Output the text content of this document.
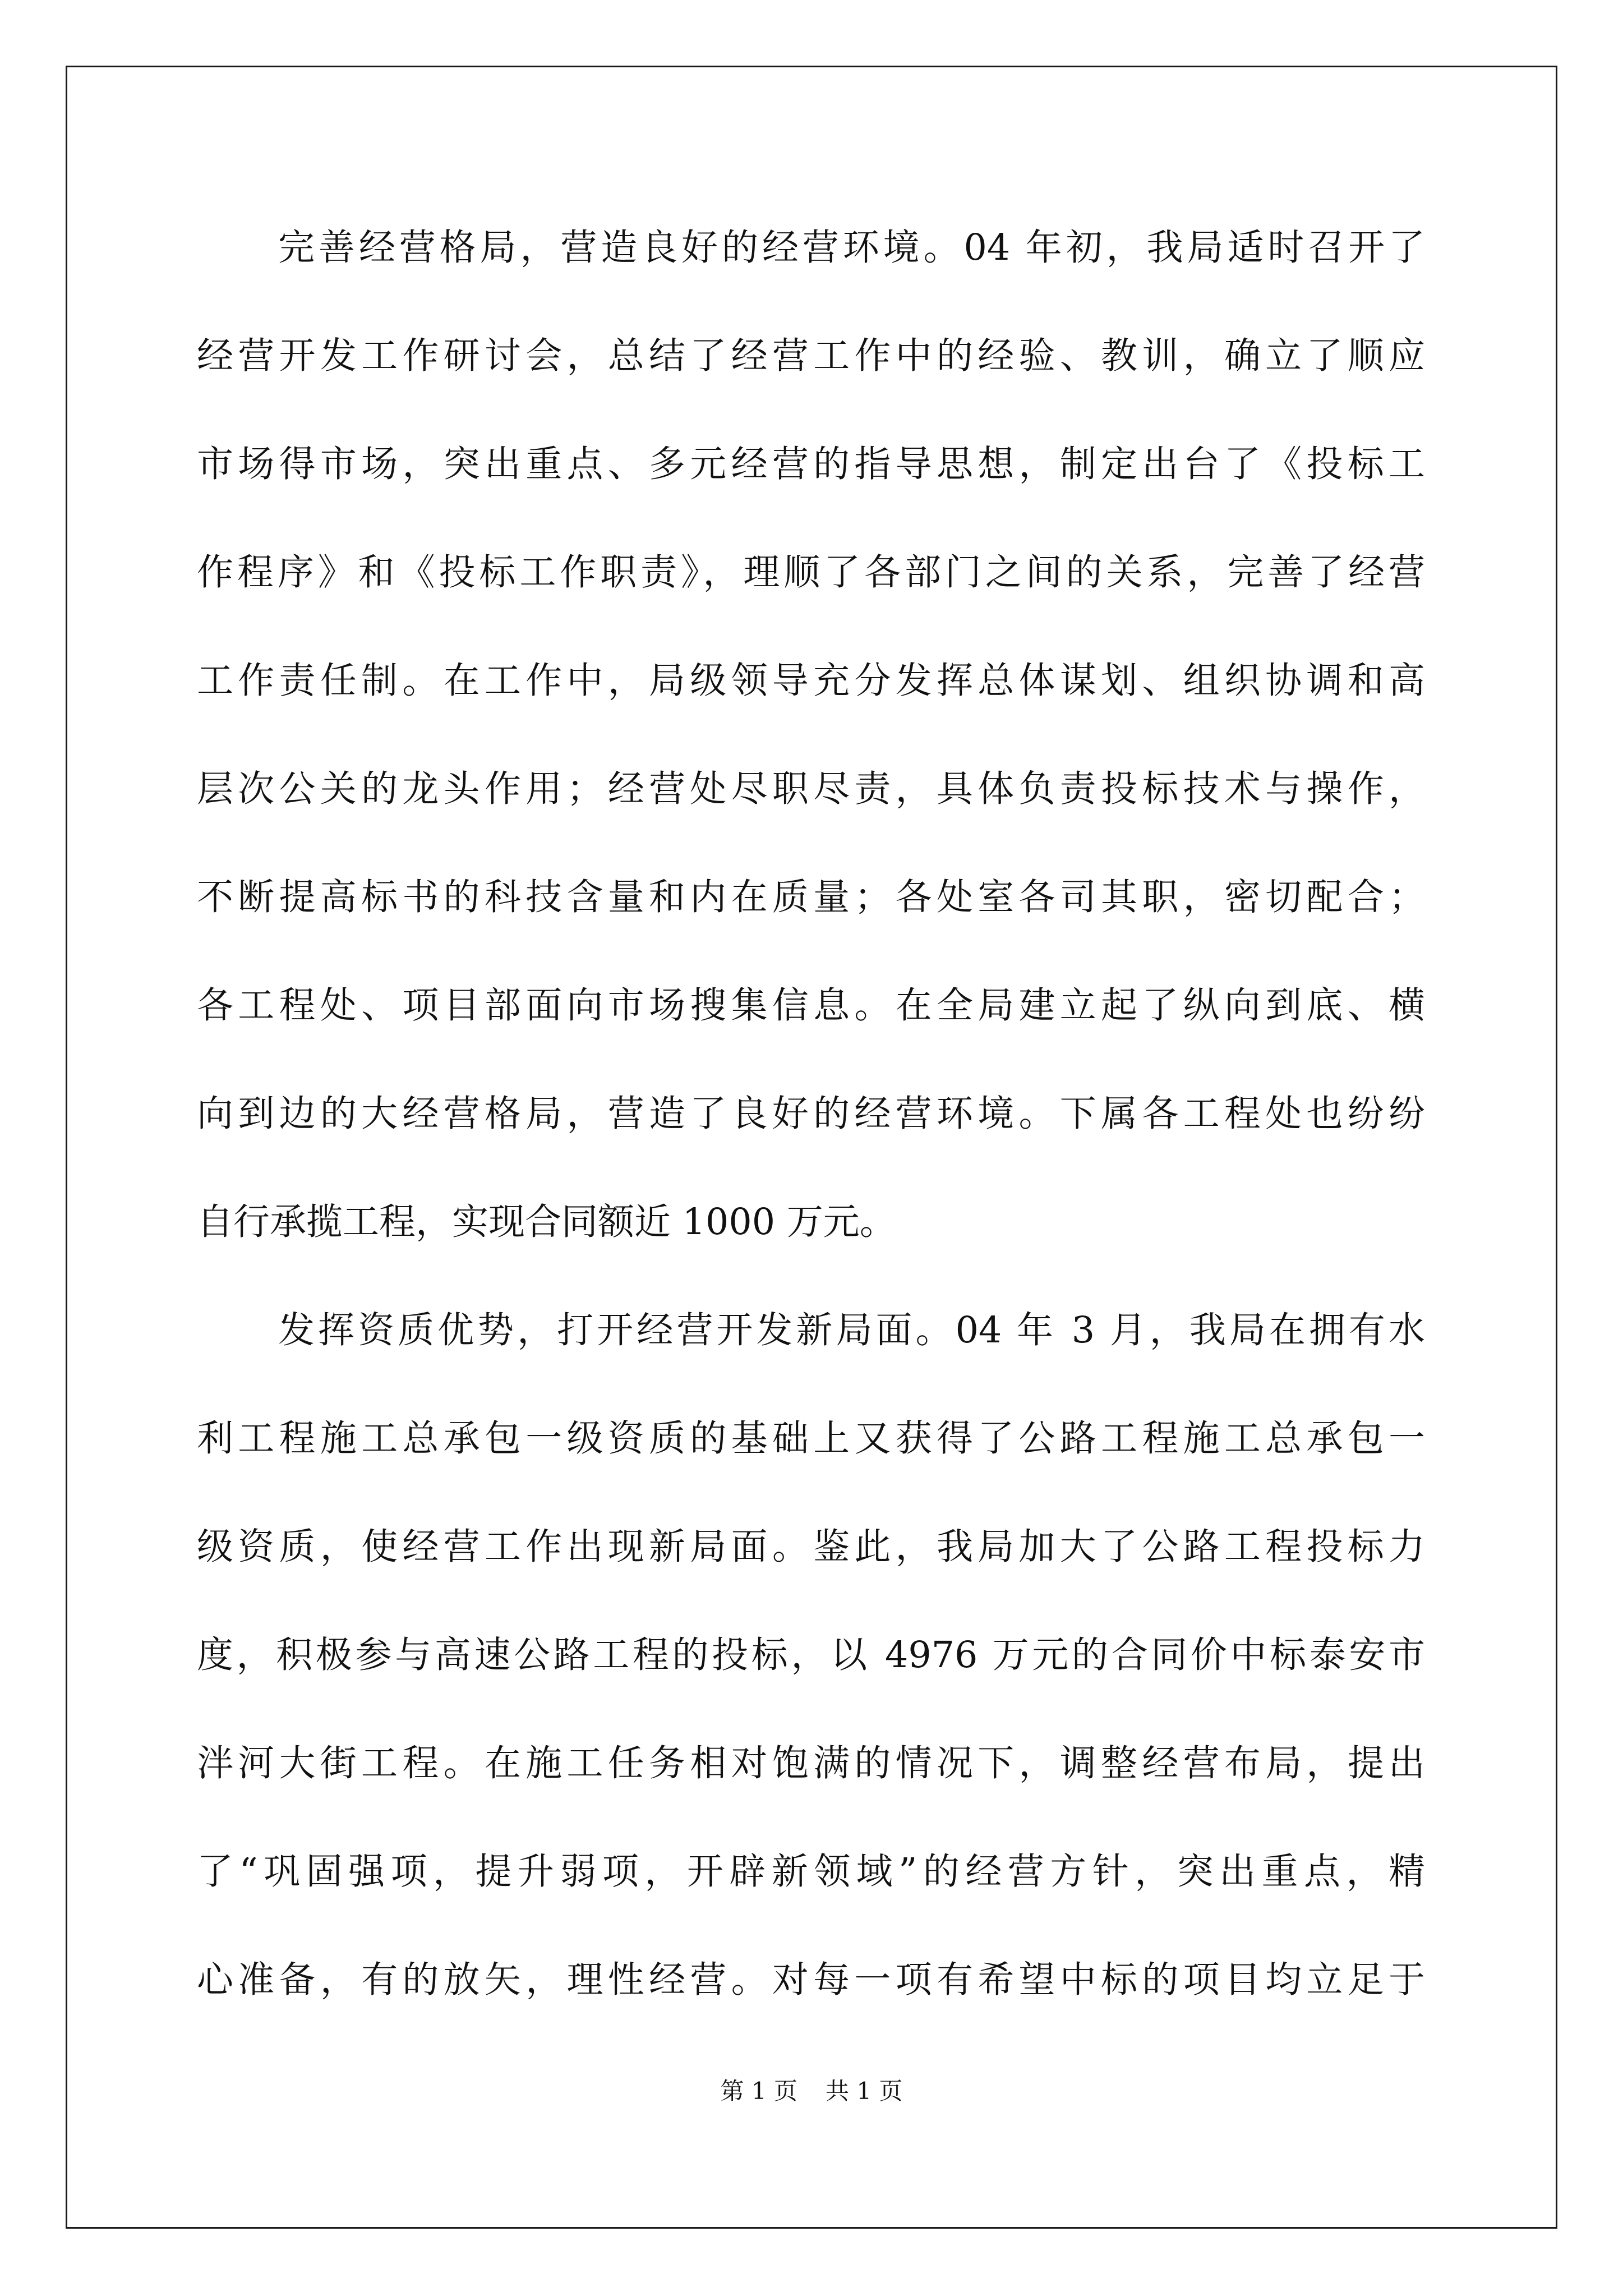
完善经营格局，营造良好的经营环境。04 年初，我局适时召开了

经营开发工作研讨会，总结了经营工作中的经验、教训，确立了顺应

市场得市场，突出重点、多元经营的指导思想，制定出台了《投标工

作程序》和《投标工作职责》，理顺了各部门之间的关系，完善了经营

工作责任制。在工作中，局级领导充分发挥总体谋划、组织协调和高

层次公关的龙头作用；经营处尽职尽责，具体负责投标技术与操作，

不断提高标书的科技含量和内在质量；各处室各司其职，密切配合；

各工程处、项目部面向市场搜集信息。在全局建立起了纵向到底、横

向到边的大经营格局，营造了良好的经营环境。下属各工程处也纷纷

自行承揽工程，实现合同额近 1000 万元。

发挥资质优势，打开经营开发新局面。04 年 3 月，我局在拥有水

利工程施工总承包一级资质的基础上又获得了公路工程施工总承包一

级资质，使经营工作出现新局面。鉴此，我局加大了公路工程投标力

度，积极参与高速公路工程的投标，以 4976 万元的合同价中标泰安市

泮河大街工程。在施工任务相对饱满的情况下，调整经营布局，提出

了“巩固强项，提升弱项，开辟新领域”的经营方针，突出重点，精

心准备，有的放矢，理性经营。对每一项有希望中标的项目均立足于

第 1 页 共 1 页
